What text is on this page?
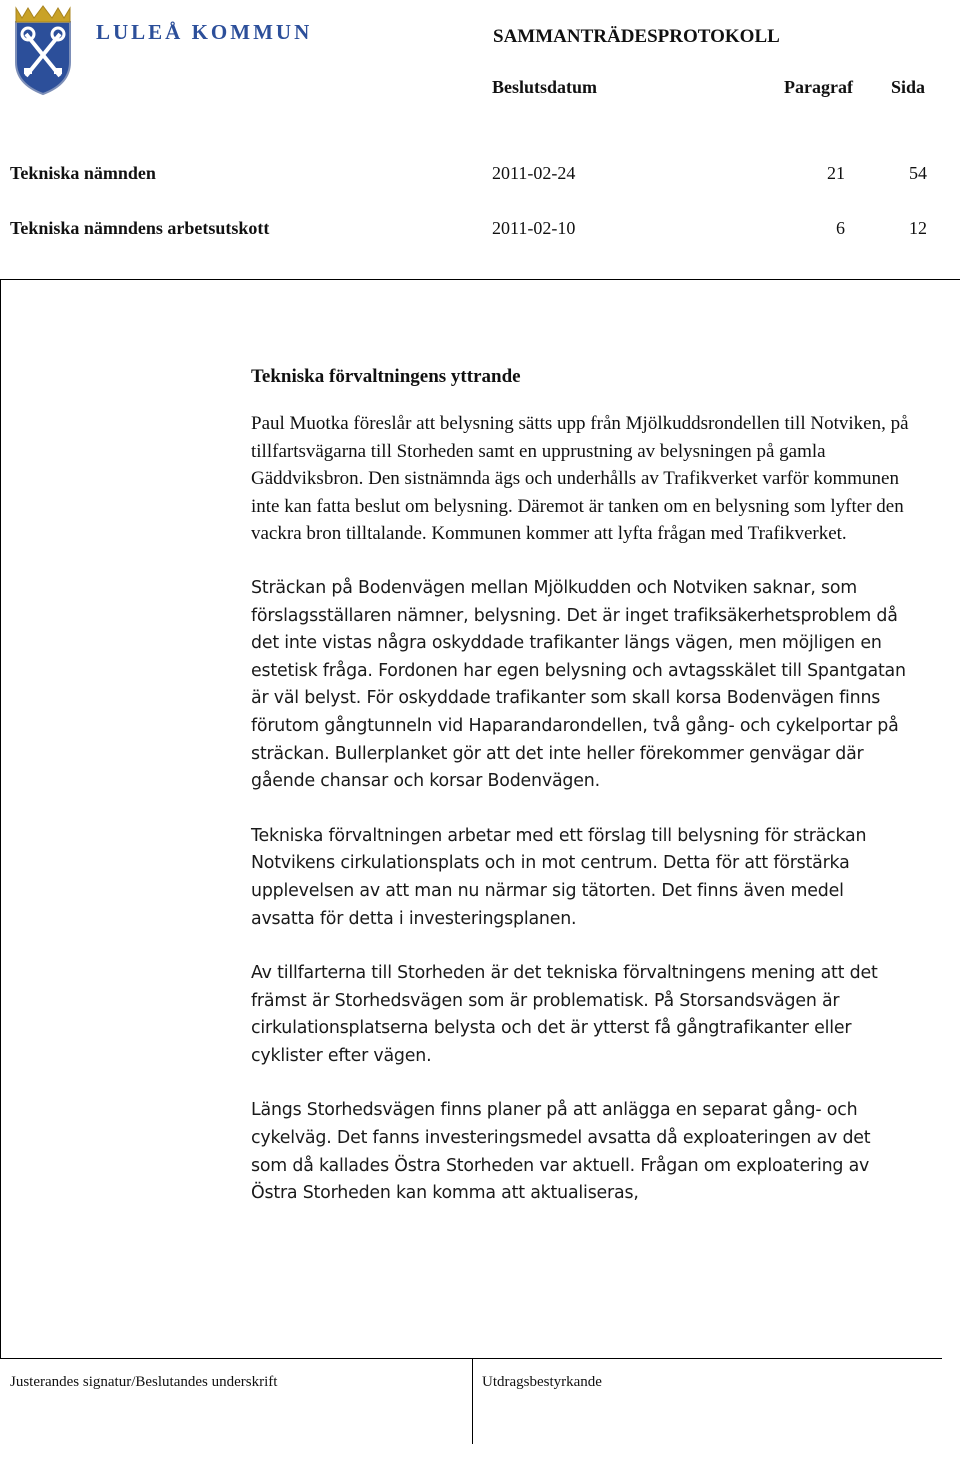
LULEÅ KOMMUN	SAMMANTRÄDESPROTOKOLL
Beslutsdatum	Paragraf Sida
Tekniska nämnden	2011-02-24	21	54
Tekniska nämndens arbetsutskott	2011-02-10	6	12
Tekniska förvaltningens yttrande

Paul Muotka föreslår att belysning sätts upp från Mjölkuddsrondellen till Notviken, på tillfartsvägarna till Storheden samt en upprustning av belysningen på gamla Gäddviksbron. Den sistnämnda ägs och underhålls av Trafikverket varför kommunen inte kan fatta beslut om belysning. Däremot är tanken om en belysning som lyfter den vackra bron tilltalande. Kommunen kommer att lyfta frågan med Trafikverket.

Sträckan på Bodenvägen mellan Mjölkudden och Notviken saknar, som förslagsställaren nämner, belysning. Det är inget trafiksäkerhetsproblem då det inte vistas några oskyddade trafikanter längs vägen, men möjligen en estetisk fråga. Fordonen har egen belysning och avtagsskälet till Spantgatan är väl belyst. För oskyddade trafikanter som skall korsa Bodenvägen finns förutom gångtunneln vid Haparandarondellen, två gång- och cykelportar på sträckan. Bullerplanket gör att det inte heller förekommer genvägar där gående chansar och korsar Bodenvägen.

Tekniska förvaltningen arbetar med ett förslag till belysning för sträckan Notvikens cirkulationsplats och in mot centrum. Detta för att förstärka upplevelsen av att man nu närmar sig tätorten. Det finns även medel avsatta för detta i investeringsplanen.

Av tillfarterna till Storheden är det tekniska förvaltningens mening att det främst är Storhedsvägen som är problematisk. På Storsandsvägen är cirkulationsplatserna belysta och det är ytterst få gångtrafikanter eller cyklister efter vägen.

Längs Storhedsvägen finns planer på att anlägga en separat gång- och cykelväg. Det fanns investeringsmedel avsatta då exploateringen av det som då kallades Östra Storheden var aktuell. Frågan om exploatering av Östra Storheden kan komma att aktualiseras,

Justerandes signatur/Beslutandes underskrift	Utdragsbestyrkande
